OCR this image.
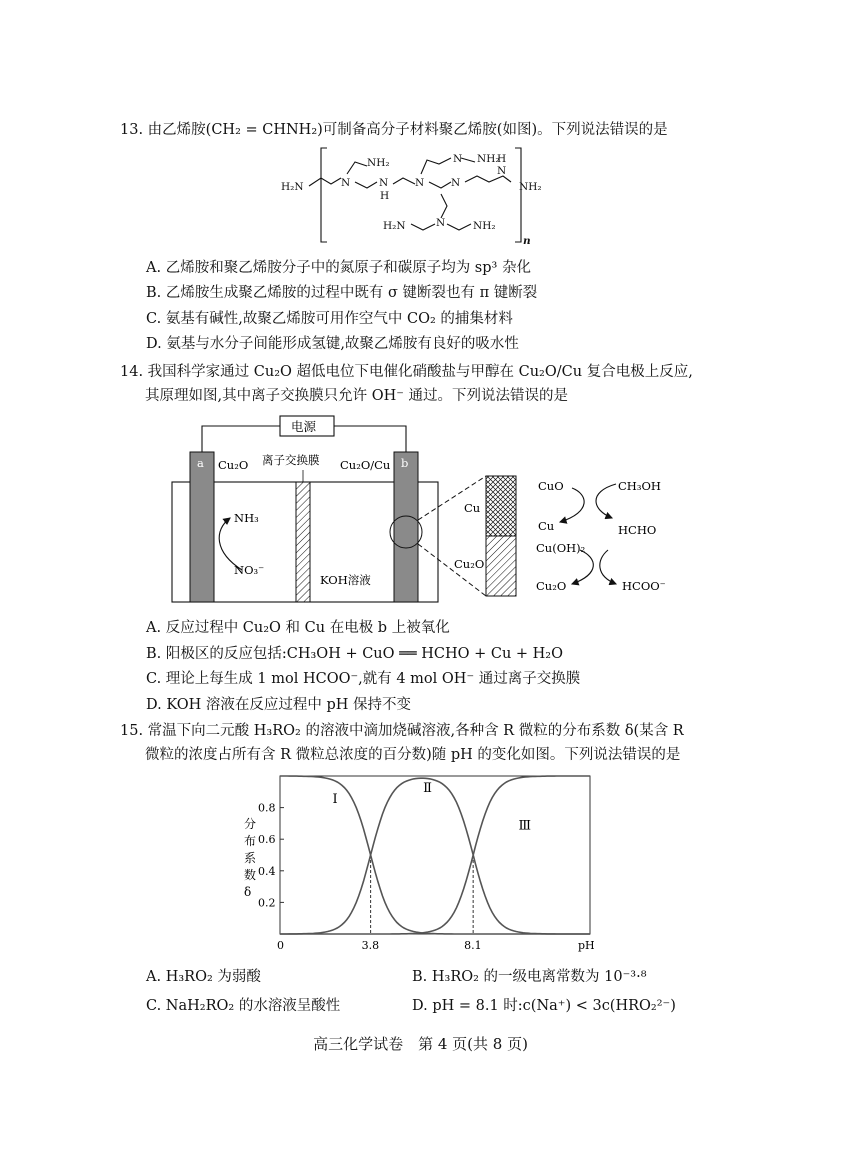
13. 由乙烯胺(CH₂ = CHNH₂)可制备高分子材料聚乙烯胺(如图)。下列说法错误的是

H₂N	NH₂
N
NH₂
N
H
N
N NH₂
N
N
H
N
H₂N	NH₂
n
A. 乙烯胺和聚乙烯胺分子中的氮原子和碳原子均为 sp³ 杂化
B. 乙烯胺生成聚乙烯胺的过程中既有 σ 键断裂也有 π 键断裂
C. 氨基有碱性,故聚乙烯胺可用作空气中 CO₂ 的捕集材料
D. 氨基与水分子间能形成氢键,故聚乙烯胺有良好的吸水性

14. 我国科学家通过 Cu₂O 超低电位下电催化硝酸盐与甲醇在 Cu₂O/Cu 复合电极上反应,

其原理如图,其中离子交换膜只允许 OH⁻ 通过。下列说法错误的是

电源
a	b
Cu₂O	Cu₂O/Cu
离子交换膜
NH₃
NO₃⁻
KOH溶液
Cu
Cu₂O
CuO
Cu
CH₃OH
HCHO
Cu(OH)₂
Cu₂O	HCOO⁻
A. 反应过程中 Cu₂O 和 Cu 在电极 b 上被氧化
B. 阳极区的反应包括:CH₃OH + CuO ══ HCHO + Cu + H₂O
C. 理论上每生成 1 mol HCOO⁻,就有 4 mol OH⁻ 通过离子交换膜
D. KOH 溶液在反应过程中 pH 保持不变

15. 常温下向二元酸 H₃RO₂ 的溶液中滴加烧碱溶液,各种含 R 微粒的分布系数 δ(某含 R

微粒的浓度占所有含 R 微粒总浓度的百分数)随 pH 的变化如图。下列说法错误的是

分
布
系
数
δ
0.2
0.4
0.6
0.8
0	3.8	8.1
Ⅰ
Ⅱ
Ⅲ
pH
A. H₃RO₂ 为弱酸	B. H₃RO₂ 的一级电离常数为 10⁻³·⁸
C. NaH₂RO₂ 的水溶液呈酸性	D. pH = 8.1 时:c(Na⁺) < 3c(HRO₂²⁻)
高三化学试卷　第 4 页(共 8 页)
